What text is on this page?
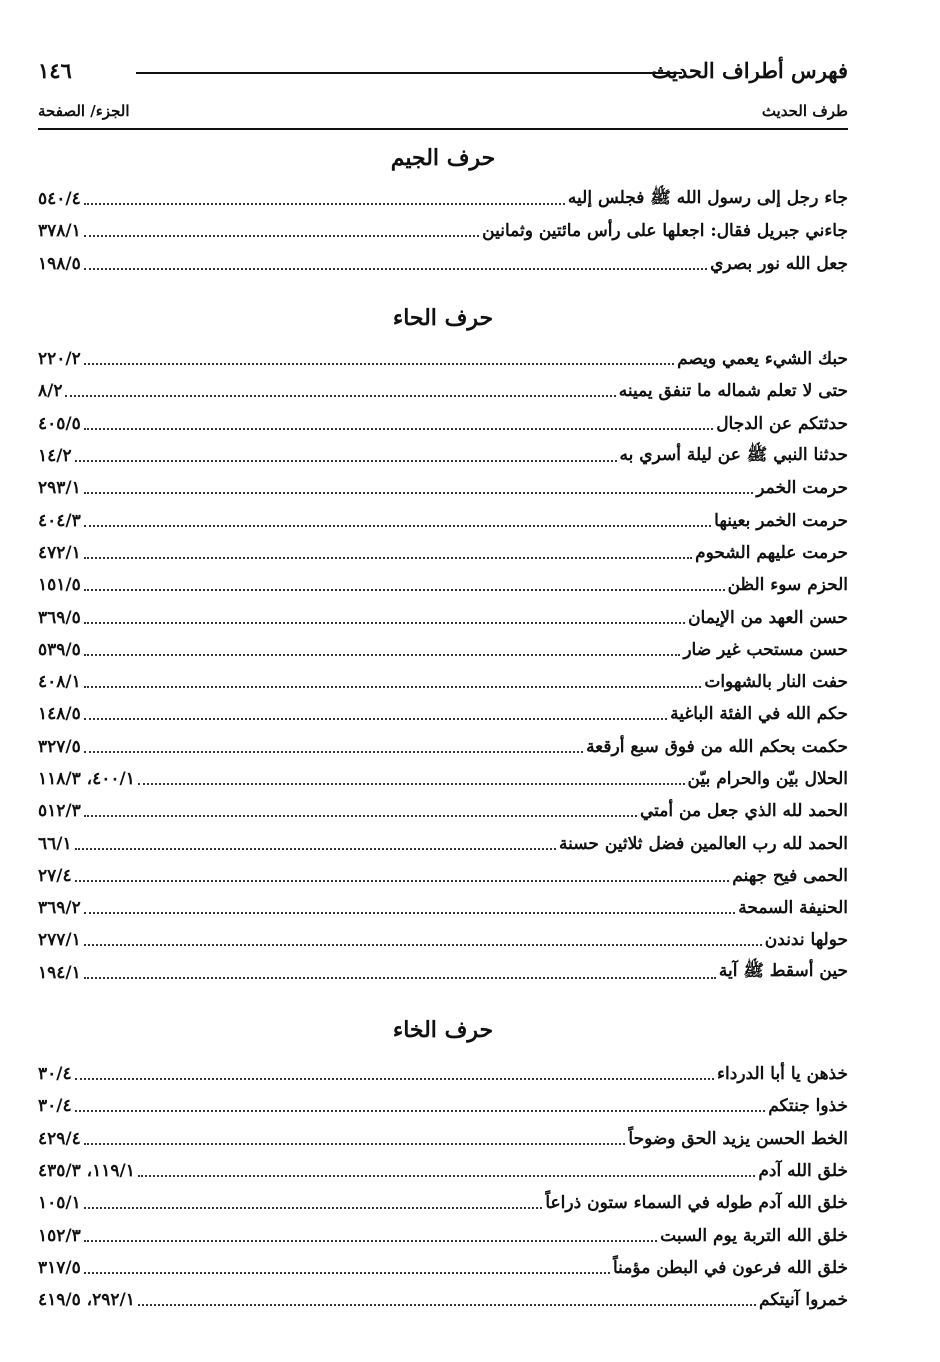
فهرس أطراف الحديث
١٤٦
طرف الحديث
الجزء/ الصفحة
حرف الجيم
جاء رجل إلى رسول الله ﷺ فجلس إليه
٥٤٠/٤
جاءني جبريل فقال: اجعلها على رأس مائتين وثمانين
٣٧٨/١
جعل الله نور بصري
١٩٨/٥
حرف الحاء
حبك الشيء يعمي ويصم
٢٢٠/٢
حتى لا تعلم شماله ما تنفق يمينه
٨/٢
حدثتكم عن الدجال
٤٠٥/٥
حدثنا النبي ﷺ عن ليلة أسري به
١٤/٢
حرمت الخمر
٢٩٣/١
حرمت الخمر بعينها
٤٠٤/٣
حرمت عليهم الشحوم
٤٧٢/١
الحزم سوء الظن
١٥١/٥
حسن العهد من الإيمان
٣٦٩/٥
حسن مستحب غير ضار
٥٣٩/٥
حفت النار بالشهوات
٤٠٨/١
حكم الله في الفئة الباغية
١٤٨/٥
حكمت بحكم الله من فوق سبع أرقعة
٣٢٧/٥
الحلال بيّن والحرام بيّن
٤٠٠/١، ١١٨/٣
الحمد لله الذي جعل من أمتي
٥١٢/٣
الحمد لله رب العالمين فضل ثلاثين حسنة
٦٦/١
الحمى فيح جهنم
٢٧/٤
الحنيفة السمحة
٣٦٩/٢
حولها ندندن
٢٧٧/١
حين أسقط ﷺ آية
١٩٤/١
حرف الخاء
خذهن يا أبا الدرداء
٣٠/٤
خذوا جنتكم
٣٠/٤
الخط الحسن يزيد الحق وضوحاً
٤٢٩/٤
خلق الله آدم
١١٩/١، ٤٣٥/٣
خلق الله آدم طوله في السماء ستون ذراعاً
١٠٥/١
خلق الله التربة يوم السبت
١٥٢/٣
خلق الله فرعون في البطن مؤمناً
٣١٧/٥
خمروا آنيتكم
٢٩٢/١، ٤١٩/٥
